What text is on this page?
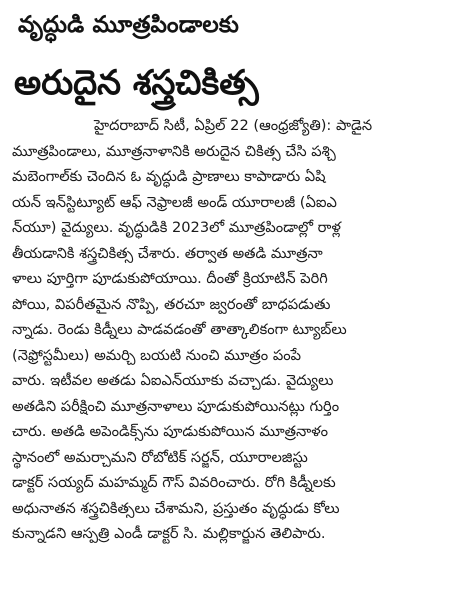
వృద్ధుడి మూత్రపిండాలకు
అరుదైన శస్త్రచికిత్స
హైదరాబాద్ సిటీ, ఏప్రిల్ 22 (ఆంధ్రజ్యోతి): పాడైన
మూత్రపిండాలు, మూత్రనాళానికి అరుదైన చికిత్స చేసి పశ్చి
మబెంగాల్‌కు చెందిన ఓ వృద్ధుడి ప్రాణాలు కాపాడారు ఏషి
యన్ ఇన్‌స్టిట్యూట్ ఆఫ్ నెఫ్రాలజీ అండ్ యూరాలజీ (ఏఐఎ
న్‌యూ) వైద్యులు. వృద్ధుడికి 2023లో మూత్రపిండాల్లో రాళ్ల
తీయడానికి శస్త్రచికిత్స చేశారు. తర్వాత అతడి మూత్రనా
ళాలు పూర్తిగా పూడుకుపోయాయి. దీంతో క్రియాటిన్ పెరిగి
పోయి, విపరీతమైన నొప్పి, తరచూ జ్వరంతో బాధపడుతు
న్నాడు. రెండు కిడ్నీలు పాడవడంతో తాత్కాలికంగా ట్యూబ్‌లు
(నెఫ్రోస్టమీలు) అమర్చి బయటి నుంచి మూత్రం పంపే
వారు. ఇటీవల అతడు ఏఐఎన్‌యూకు వచ్చాడు. వైద్యులు
అతడిని పరీక్షించి మూత్రనాళాలు పూడుకుపోయినట్లు గుర్తిం
చారు. అతడి అపెండిక్స్‌ను పూడుకుపోయిన మూత్రనాళం
స్థానంలో అమర్చామని రోబోటిక్ సర్జన్, యూరాలజిస్టు
డాక్టర్ సయ్యద్ మహమ్మద్ గౌస్ వివరించారు. రోగి కిడ్నీలకు
అధునాతన శస్త్రచికిత్సలు చేశామని, ప్రస్తుతం వృద్ధుడు కోలు
కున్నాడని ఆస్పత్రి ఎండీ డాక్టర్ సి. మల్లికార్జున తెలిపారు.
